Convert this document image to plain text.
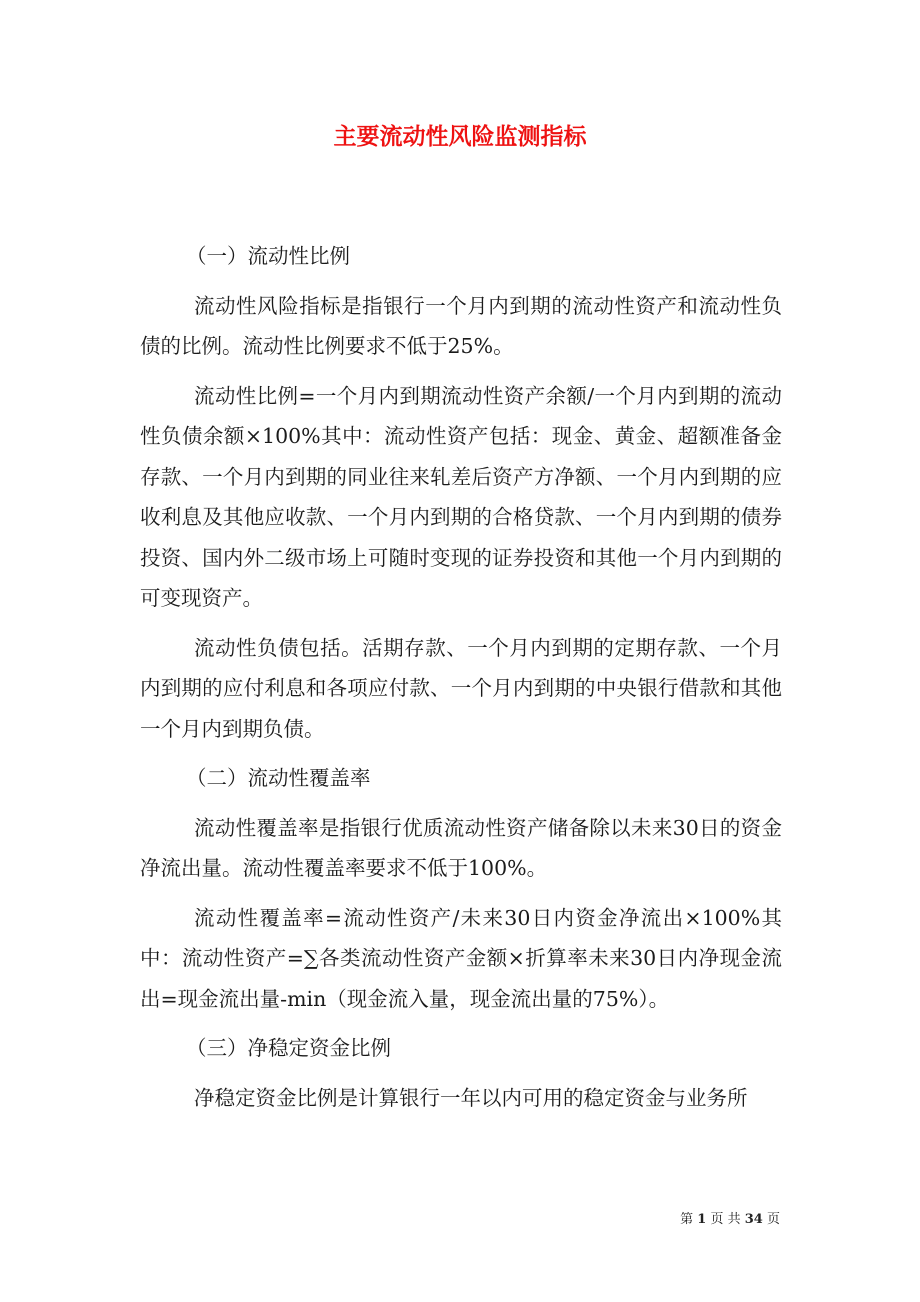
主要流动性风险监测指标

（一）流动性比例

流动性风险指标是指银行一个月内到期的流动性资产和流动性负债的比例。流动性比例要求不低于25%。

流动性比例=一个月内到期流动性资产余额/一个月内到期的流动性负债余额×100%其中：流动性资产包括：现金、黄金、超额准备金存款、一个月内到期的同业往来轧差后资产方净额、一个月内到期的应收利息及其他应收款、一个月内到期的合格贷款、一个月内到期的债券投资、国内外二级市场上可随时变现的证券投资和其他一个月内到期的可变现资产。

流动性负债包括。活期存款、一个月内到期的定期存款、一个月内到期的应付利息和各项应付款、一个月内到期的中央银行借款和其他一个月内到期负债。

（二）流动性覆盖率

流动性覆盖率是指银行优质流动性资产储备除以未来30日的资金净流出量。流动性覆盖率要求不低于100%。

流动性覆盖率=流动性资产/未来30日内资金净流出×100%其中：流动性资产=∑各类流动性资产金额×折算率未来30日内净现金流出=现金流出量-min（现金流入量，现金流出量的75%）。

（三）净稳定资金比例

净稳定资金比例是计算银行一年以内可用的稳定资金与业务所

第 1 页 共 34 页
